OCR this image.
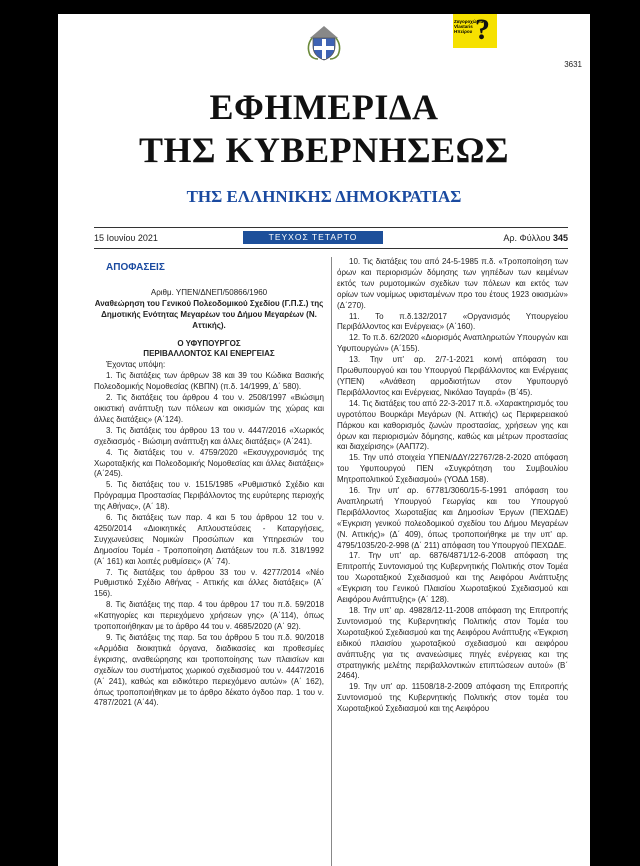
Ζαγοροχώρια Vlastaris Ηπείρου ?
3631
ΕΦΗΜΕΡΙΔΑ
ΤΗΣ ΚΥΒΕΡΝΗΣΕΩΣ
ΤΗΣ ΕΛΛΗΝΙΚΗΣ ΔΗΜΟΚΡΑΤΙΑΣ
15 Ιουνίου 2021	ΤΕΥΧΟΣ ΤΕΤΑΡΤΟ	Αρ. Φύλλου 345
ΑΠΟΦΑΣΕΙΣ
Αριθμ. ΥΠΕΝ/ΔΝΕΠ/50866/1960
Αναθεώρηση του Γενικού Πολεοδομικού Σχεδίου (Γ.Π.Σ.) της Δημοτικής Ενότητας Μεγαρέων του Δήμου Μεγαρέων (Ν. Αττικής).
Ο ΥΦΥΠΟΥΡΓΟΣ
ΠΕΡΙΒΑΛΛΟΝΤΟΣ ΚΑΙ ΕΝΕΡΓΕΙΑΣ
Έχοντας υπόψη:
1. Τις διατάξεις των άρθρων 38 και 39 του Κώδικα Βασικής Πολεοδομικής Νομοθεσίας (ΚΒΠΝ) (π.δ. 14/1999, Δ΄ 580).
2. Τις διατάξεις του άρθρου 4 του ν. 2508/1997 «Βιώσιμη οικιστική ανάπτυξη των πόλεων και οικισμών της χώρας και άλλες διατάξεις» (Α΄124).
3. Τις διατάξεις του άρθρου 13 του ν. 4447/2016 «Χωρικός σχεδιασμός - Βιώσιμη ανάπτυξη και άλλες διατάξεις» (Α΄241).
4. Τις διατάξεις του ν. 4759/2020 «Εκσυγχρονισμός της Χωροταξικής και Πολεοδομικής Νομοθεσίας και άλλες διατάξεις» (Α΄245).
5. Τις διατάξεις του ν. 1515/1985 «Ρυθμιστικό Σχέδιο και Πρόγραμμα Προστασίας Περιβάλλοντος της ευρύτερης περιοχής της Αθήνας», (Α΄ 18).
6. Τις διατάξεις των παρ. 4 και 5 του άρθρου 12 του ν. 4250/2014 «Διοικητικές Απλουστεύσεις - Καταργήσεις, Συγχωνεύσεις Νομικών Προσώπων και Υπηρεσιών του Δημοσίου Τομέα - Τροποποίηση Διατάξεων του π.δ. 318/1992 (Α΄ 161) και λοιπές ρυθμίσεις» (Α΄ 74).
7. Τις διατάξεις του άρθρου 33 του ν. 4277/2014 «Νέο Ρυθμιστικό Σχέδιο Αθήνας - Αττικής και άλλες διατάξεις» (Α΄ 156).
8. Τις διατάξεις της παρ. 4 του άρθρου 17 του π.δ. 59/2018 «Κατηγορίες και περιεχόμενο χρήσεων γης» (Α΄114), όπως τροποποιήθηκαν με το άρθρο 44 του ν. 4685/2020 (Α΄ 92).
9. Τις διατάξεις της παρ. 5α του άρθρου 5 του π.δ. 90/2018 «Αρμόδια διοικητικά όργανα, διαδικασίες και προθεσμίες έγκρισης, αναθεώρησης και τροποποίησης των πλαισίων και σχεδίων του συστήματος χωρικού σχεδιασμού του ν. 4447/2016 (Α΄ 241), καθώς και ειδικότερο περιεχόμενο αυτών» (Α΄ 162), όπως τροποποιήθηκαν με το άρθρο δέκατο όγδοο παρ. 1 του ν. 4787/2021 (Α΄44).
10. Τις διατάξεις του από 24-5-1985 π.δ. «Τροποποίηση των όρων και περιορισμών δόμησης των γηπέδων των κειμένων εκτός των ρυμοτομικών σχεδίων των πόλεων και εκτός των ορίων των νομίμως υφισταμένων προ του έτους 1923 οικισμών» (Δ΄270).
11. Το π.δ.132/2017 «Οργανισμός Υπουργείου Περιβάλλοντος και Ενέργειας» (Α΄160).
12. Το π.δ. 62/2020 «Διορισμός Αναπληρωτών Υπουργών και Υφυπουργών» (Α΄155).
13. Την υπ' αρ. 2/7-1-2021 κοινή απόφαση του Πρωθυπουργού και του Υπουργού Περιβάλλοντος και Ενέργειας (ΥΠΕΝ) «Ανάθεση αρμοδιοτήτων στον Υφυπουργό Περιβάλλοντος και Ενέργειας, Νικόλαο Ταγαρά» (Β΄45).
14. Τις διατάξεις του από 22-3-2017 π.δ. «Χαρακτηρισμός του υγροτόπου Βουρκάρι Μεγάρων (Ν. Αττικής) ως Περιφερειακού Πάρκου και καθορισμός ζωνών προστασίας, χρήσεων γης και όρων και περιορισμών δόμησης, καθώς και μέτρων προστασίας και διαχείρισης» (ΑΑΠ72).
15. Την υπό στοιχεία ΥΠΕΝ/ΔΔΥ/22767/28-2-2020 απόφαση του Υφυπουργού ΠΕΝ «Συγκρότηση του Συμβουλίου Μητροπολιτικού Σχεδιασμού» (ΥΟΔΔ 158).
16. Την υπ' αρ. 67781/3060/15-5-1991 απόφαση του Αναπληρωτή Υπουργού Γεωργίας και του Υπουργού Περιβάλλοντος Χωροταξίας και Δημοσίων Έργων (ΠΕΧΩΔΕ) «Έγκριση γενικού πολεοδομικού σχεδίου του Δήμου Μεγαρέων (Ν. Αττικής)» (Δ΄ 409), όπως τροποποιήθηκε με την υπ' αρ. 4795/1035/20-2-998 (Δ΄ 211) απόφαση του Υπουργού ΠΕΧΩΔΕ.
17. Την υπ' αρ. 6876/4871/12-6-2008 απόφαση της Επιτροπής Συντονισμού της Κυβερνητικής Πολιτικής στον Τομέα του Χωροταξικού Σχεδιασμού και της Αειφόρου Ανάπτυξης «Έγκριση του Γενικού Πλαισίου Χωροταξικού Σχεδιασμού και Αειφόρου Ανάπτυξης» (Α΄ 128).
18. Την υπ' αρ. 49828/12-11-2008 απόφαση της Επιτροπής Συντονισμού της Κυβερνητικής Πολιτικής στον Τομέα του Χωροταξικού Σχεδιασμού και της Αειφόρου Ανάπτυξης «Έγκριση ειδικού πλαισίου χωροταξικού σχεδιασμού και αειφόρου ανάπτυξης για τις ανανεώσιμες πηγές ενέργειας και της στρατηγικής μελέτης περιβαλλοντικών επιπτώσεων αυτού» (Β΄ 2464).
19. Την υπ' αρ. 11508/18-2-2009 απόφαση της Επιτροπής Συντονισμού της Κυβερνητικής Πολιτικής στον τομέα του Χωροταξικού Σχεδιασμού και της Αειφόρου
